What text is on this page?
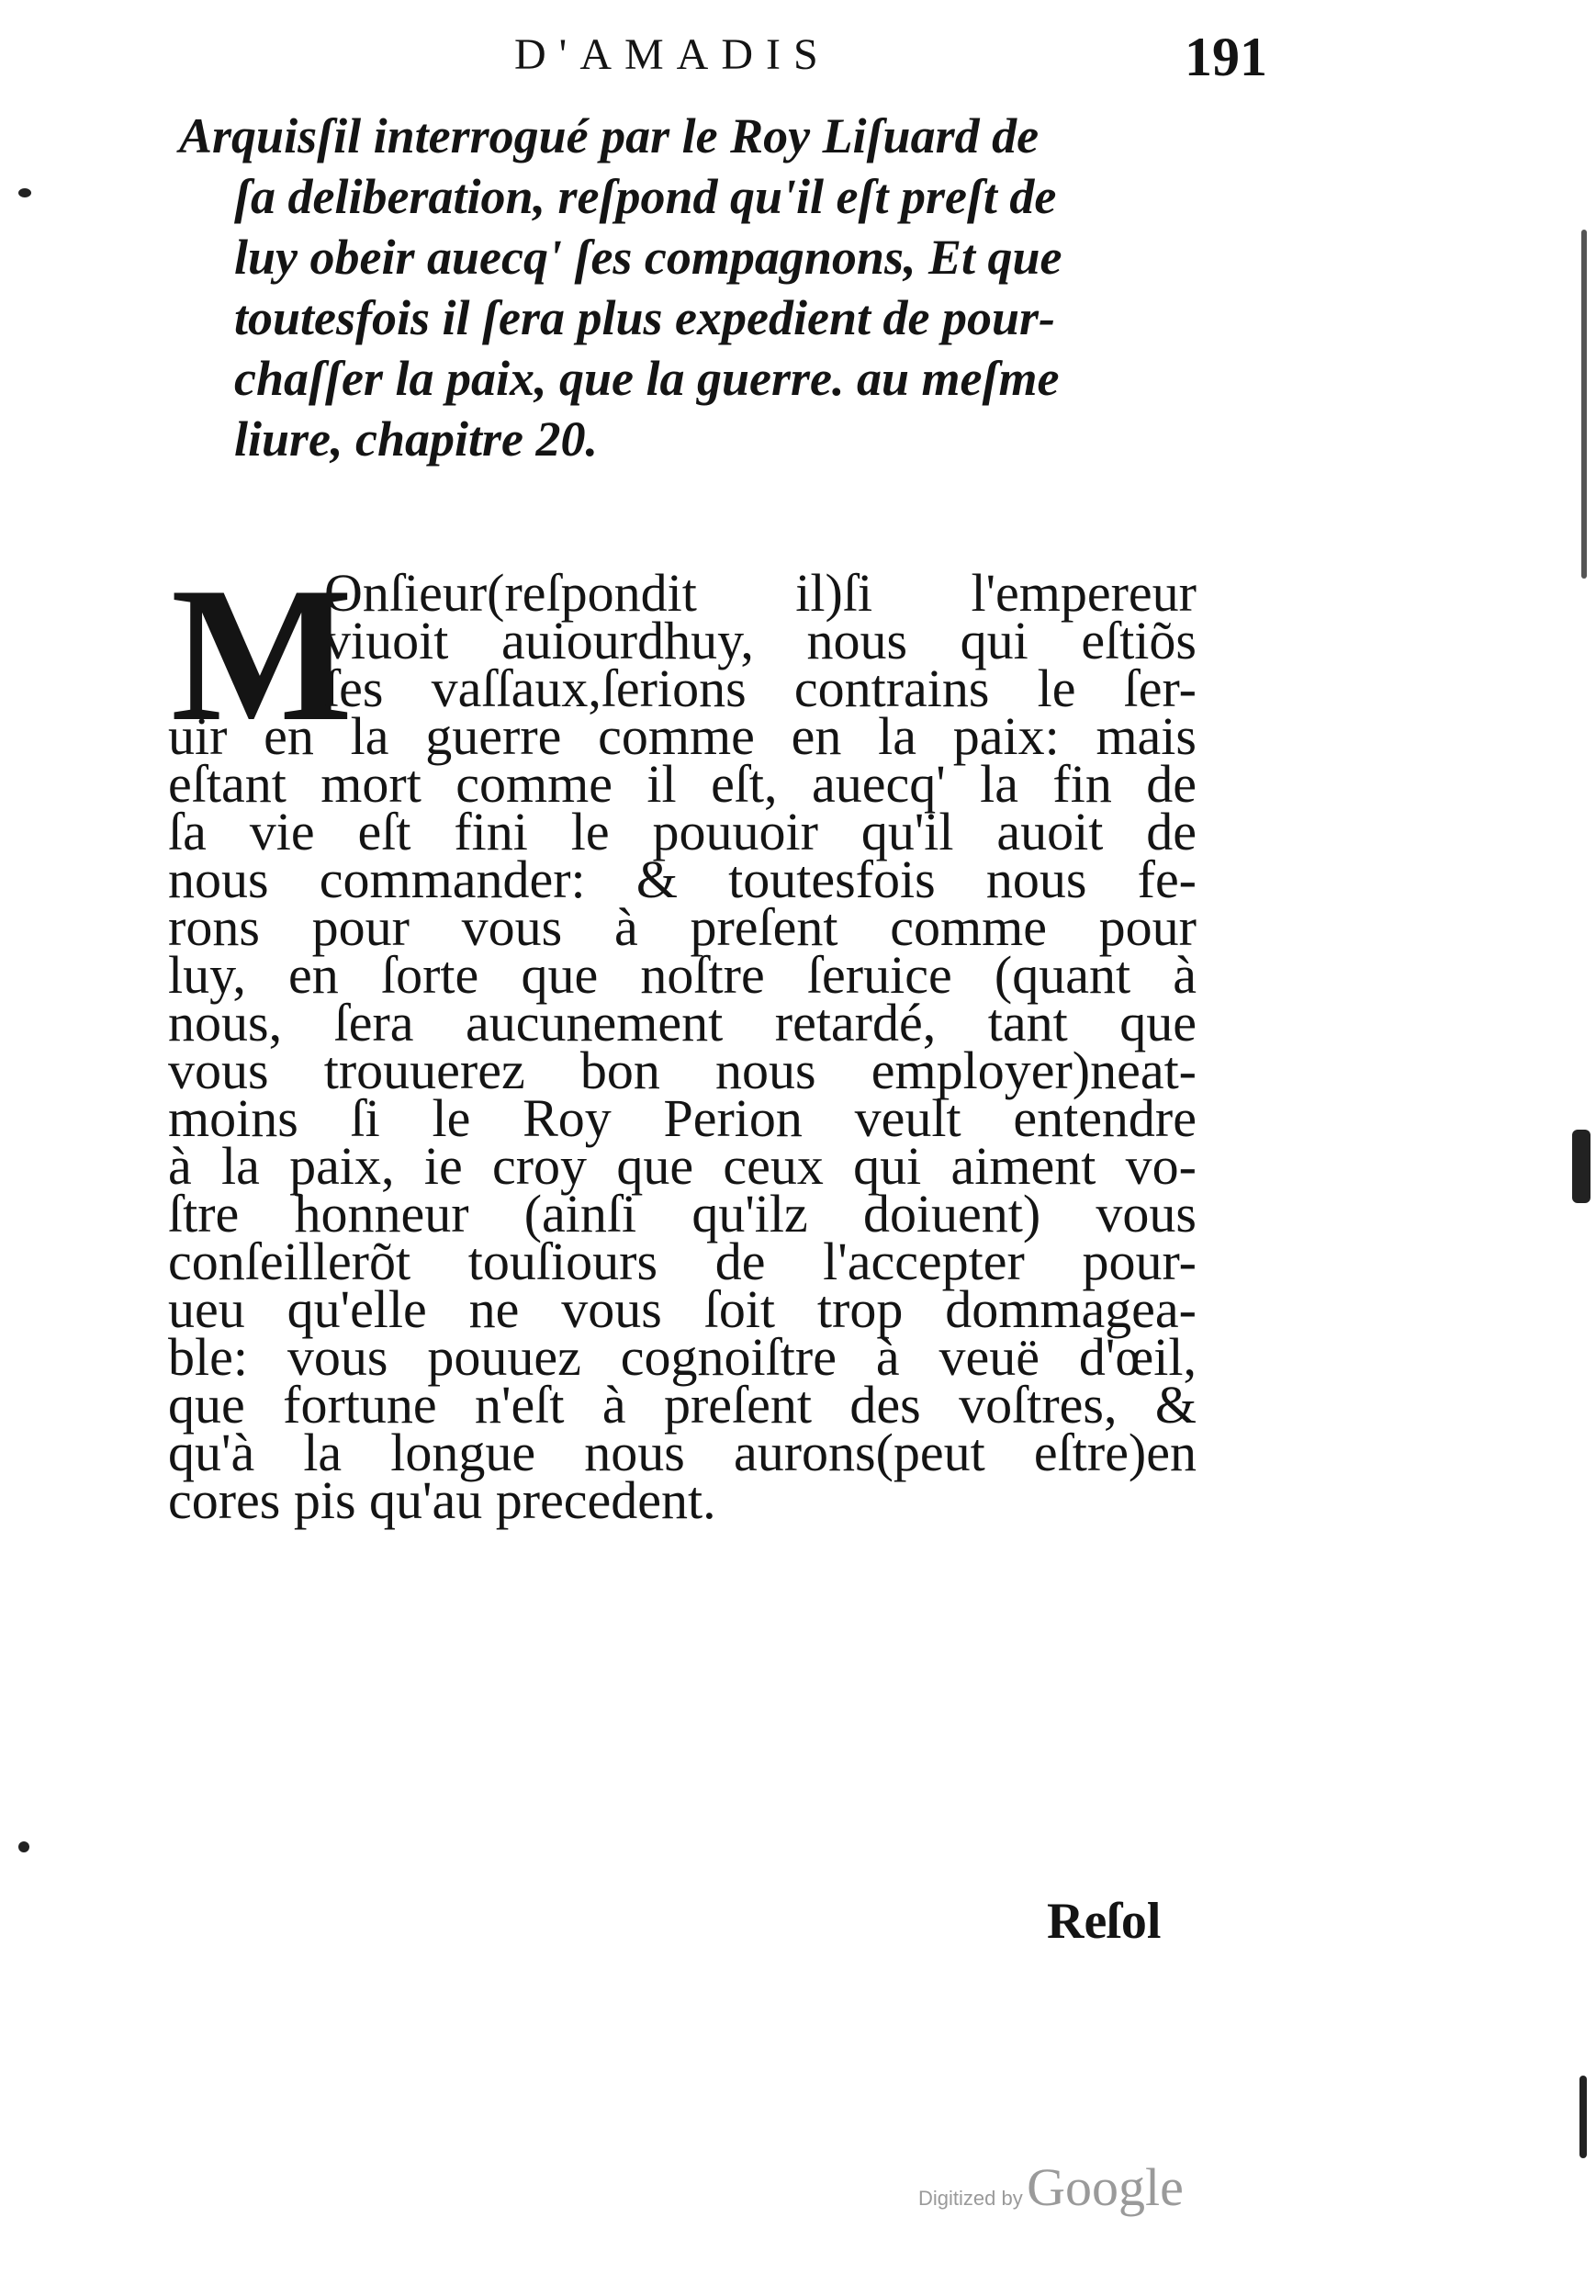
D'AMADIS	191
Arquisſil interrogué par le Roy Liſuard de
ſa deliberation, reſpond qu'il eſt preſt de
luy obeir auecq' ſes compagnons, Et que
toutesfois il ſera plus expedient de pour-
chaſſer la paix, que la guerre. au meſme
liure, chapitre 20.
M
Onſieur(reſpondit il)ſi l'empereur
viuoit auiourdhuy, nous qui eſtiõs
ſes vaſſaux,ſerions contrains le ſer-
uir en la guerre comme en la paix: mais
eſtant mort comme il eſt, auecq' la fin de
ſa vie eſt fini le pouuoir qu'il auoit de
nous commander: & toutesfois nous fe-
rons pour vous à preſent comme pour
luy, en ſorte que noſtre ſeruice (quant à
nous, ſera aucunement retardé, tant que
vous trouuerez bon nous employer)neat-
moins ſi le Roy Perion veult entendre
à la paix, ie croy que ceux qui aiment vo-
ſtre honneur (ainſi qu'ilz doiuent) vous
conſeillerõt touſiours de l'accepter pour-
ueu qu'elle ne vous ſoit trop dommagea-
ble: vous pouuez cognoiſtre à veuë d'œil,
que fortune n'eſt à preſent des voſtres, &
qu'à la longue nous aurons(peut eſtre)en
cores pis qu'au precedent.
Reſol
Digitized by Google
